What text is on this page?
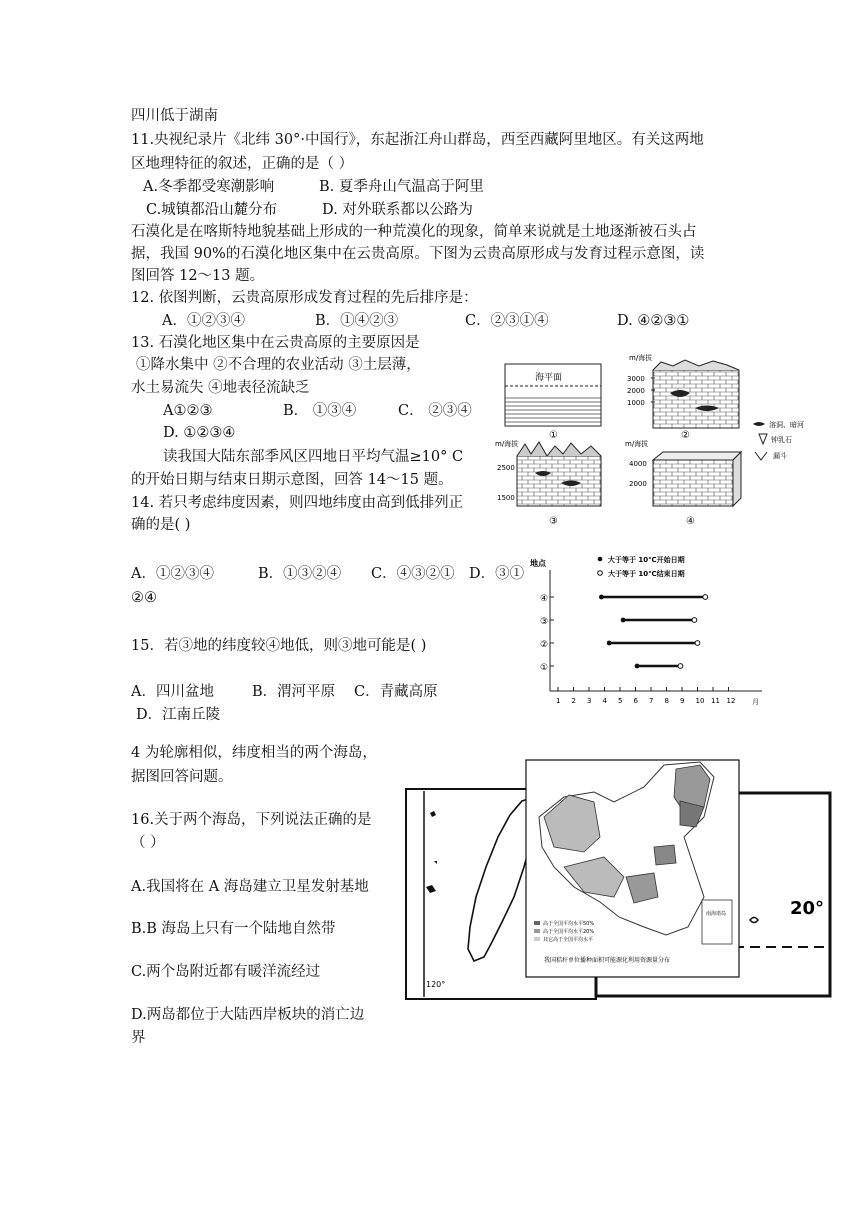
四川低于湖南
11.央视纪录片《北纬 30°·中国行》，东起浙江舟山群岛，西至西藏阿里地区。有关这两地
区地理特征的叙述，正确的是（ ）
A.冬季都受寒潮影响	B. 夏季舟山气温高于阿里
C.城镇都沿山麓分布	D. 对外联系都以公路为
石漠化是在喀斯特地貌基础上形成的一种荒漠化的现象，简单来说就是土地逐渐被石头占
据，我国 90%的石漠化地区集中在云贵高原。下图为云贵高原形成与发育过程示意图，读
图回答 12～13 题。
12. 依图判断，云贵高原形成发育过程的先后排序是：
A．①②③④	B．①④②③	C．②③①④	D. ④②③①
13. 石漠化地区集中在云贵高原的主要原因是
①降水集中 ②不合理的农业活动 ③土层薄，
水土易流失 ④地表径流缺乏
A①②③	B． ①③④	C． ②③④
D. ①②③④
读我国大陆东部季风区四地日平均气温≥10° C
的开始日期与结束日期示意图，回答 14～15 题。
14. 若只考虑纬度因素，则四地纬度由高到低排列正
确的是( )
A．①②③④	B．①③②④ C．④③②① D．③①
②④
15．若③地的纬度较④地低，则③地可能是( )
A．四川盆地	B．渭河平原 C．青藏高原
D．江南丘陵
4 为轮廓相似，纬度相当的两个海岛，
据图回答问题。
16.关于两个海岛，下列说法正确的是
（ ）
A.我国将在 A 海岛建立卫星发射基地
B.B 海岛上只有一个陆地自然带
C.两个岛附近都有暖洋流经过
D.两岛都位于大陆西岸板块的消亡边
界
海平面
①
m/海拔
3000
2000
1000
②
m/海拔
2500
1500
③
m/海拔
4000
2000
④
溶洞、暗河
钟乳石
漏斗
地点	大于等于 10℃开始日期
大于等于 10℃结束日期
月
1 2 3 4 5 6 7 8 9 10 11 12
④
③
②
①
120°
20°
南海诸岛
高于全国平均水平50%
高于全国平均水平20%
其它高于全国平均水平
我国秸秆单位播种面积可能源化利用资源量分布
